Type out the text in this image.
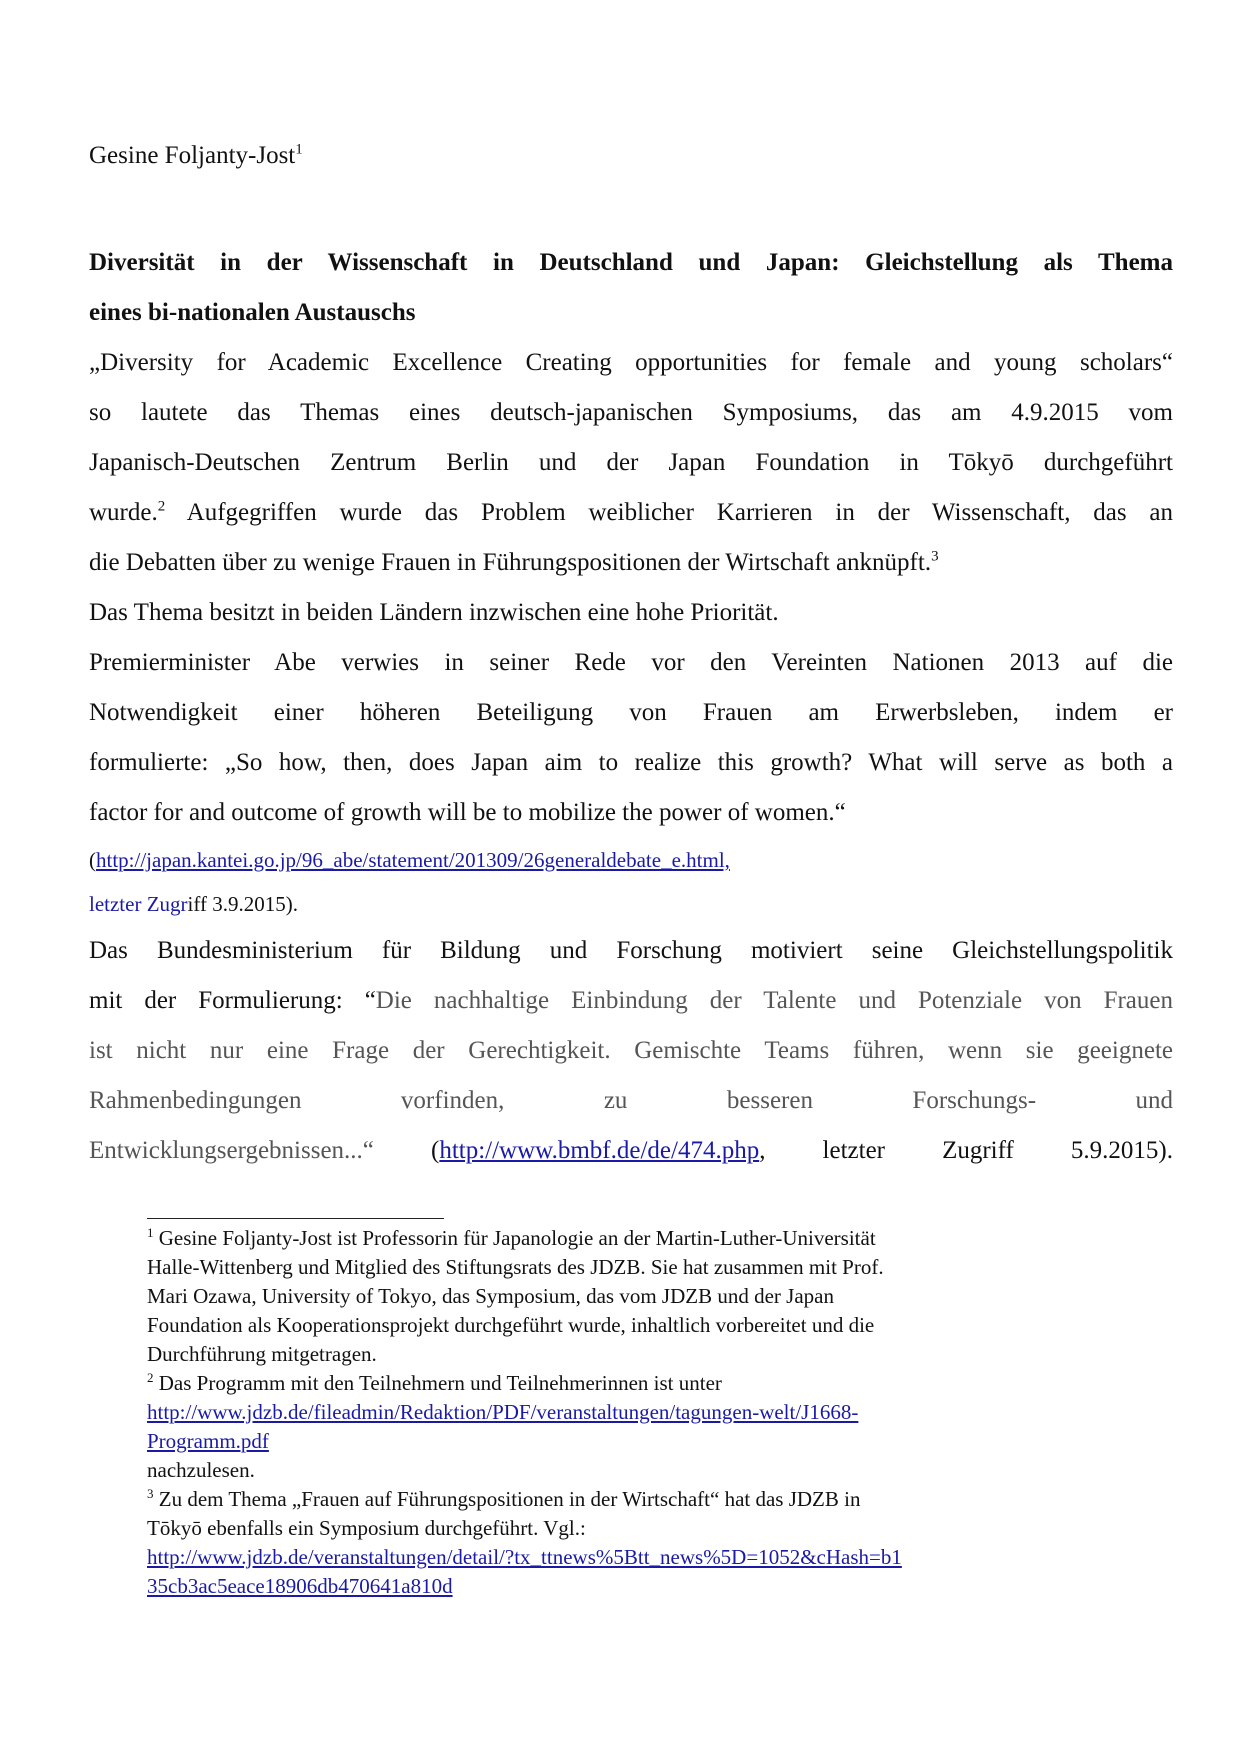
Gesine Foljanty-Jost$^1$

Diversität in der Wissenschaft in Deutschland und Japan: Gleichstellung als Thema

eines bi-nationalen Austauschs

„Diversity for Academic Excellence Creating opportunities for female and young scholars“

so lautete das Themas eines deutsch-japanischen Symposiums, das am 4.9.2015 vom

Japanisch-Deutschen Zentrum Berlin und der Japan Foundation in Tōkyō durchgeführt

wurde.$^2$ Aufgegriffen wurde das Problem weiblicher Karrieren in der Wissenschaft, das an

die Debatten über zu wenige Frauen in Führungspositionen der Wirtschaft anknüpft.$^3$

Das Thema besitzt in beiden Ländern inzwischen eine hohe Priorität.

Premierminister Abe verwies in seiner Rede vor den Vereinten Nationen 2013 auf die

Notwendigkeit einer höheren Beteiligung von Frauen am Erwerbsleben, indem er

formulierte: „So how, then, does Japan aim to realize this growth? What will serve as both a

factor for and outcome of growth will be to mobilize the power of women.“

(http://japan.kantei.go.jp/96_abe/statement/201309/26generaldebate_e.html,

letzter Zugriff 3.9.2015).

Das Bundesministerium für Bildung und Forschung motiviert seine Gleichstellungspolitik

mit der Formulierung: “Die nachhaltige Einbindung der Talente und Potenziale von Frauen

ist nicht nur eine Frage der Gerechtigkeit. Gemischte Teams führen, wenn sie geeignete

Rahmenbedingungen vorfinden, zu besseren Forschungs- und

Entwicklungsergebnissen...“ (http://www.bmbf.de/de/474.php, letzter Zugriff 5.9.2015).

$^1$ Gesine Foljanty-Jost ist Professorin für Japanologie an der Martin-Luther-Universität

Halle-Wittenberg und Mitglied des Stiftungsrats des JDZB. Sie hat zusammen mit Prof.

Mari Ozawa, University of Tokyo, das Symposium, das vom JDZB und der Japan

Foundation als Kooperationsprojekt durchgeführt wurde, inhaltlich vorbereitet und die

Durchführung mitgetragen.

$^2$ Das Programm mit den Teilnehmern und Teilnehmerinnen ist unter

http://www.jdzb.de/fileadmin/Redaktion/PDF/veranstaltungen/tagungen-welt/J1668-

Programm.pdf

nachzulesen.

$^3$ Zu dem Thema „Frauen auf Führungspositionen in der Wirtschaft“ hat das JDZB in

Tōkyō ebenfalls ein Symposium durchgeführt. Vgl.:

http://www.jdzb.de/veranstaltungen/detail/?tx_ttnews%5Btt_news%5D=1052&cHash=b1

35cb3ac5eace18906db470641a810d
